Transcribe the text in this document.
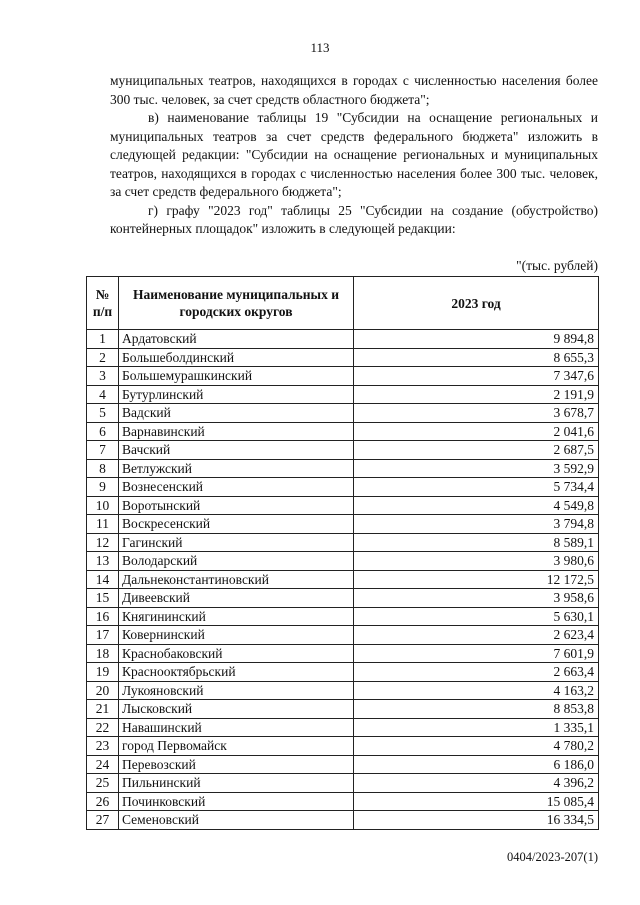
113

муниципальных театров, находящихся в городах с численностью населения более 300 тыс. человек, за счет средств областного бюджета";

в) наименование таблицы 19 "Субсидии на оснащение региональных и муниципальных театров за счет средств федерального бюджета" изложить в следующей редакции: "Субсидии на оснащение региональных и муниципальных театров, находящихся в городах с численностью населения более 300 тыс. человек, за счет средств федерального бюджета";

г) графу "2023 год" таблицы 25 "Субсидии на создание (обустройство) контейнерных площадок" изложить в следующей редакции:

"(тыс. рублей)
№ п/п	Наименование муниципальных и городских округов	2023 год
1	Ардатовский	9 894,8
2	Большеболдинский	8 655,3
3	Большемурашкинский	7 347,6
4	Бутурлинский	2 191,9
5	Вадский	3 678,7
6	Варнавинский	2 041,6
7	Вачский	2 687,5
8	Ветлужский	3 592,9
9	Вознесенский	5 734,4
10	Воротынский	4 549,8
11	Воскресенский	3 794,8
12	Гагинский	8 589,1
13	Володарский	3 980,6
14	Дальнеконстантиновский	12 172,5
15	Дивеевский	3 958,6
16	Княгининский	5 630,1
17	Ковернинский	2 623,4
18	Краснобаковский	7 601,9
19	Краснооктябрьский	2 663,4
20	Лукояновский	4 163,2
21	Лысковский	8 853,8
22	Навашинский	1 335,1
23	город Первомайск	4 780,2
24	Перевозский	6 186,0
25	Пильнинский	4 396,2
26	Починковский	15 085,4
27	Семеновский	16 334,5
0404/2023-207(1)
